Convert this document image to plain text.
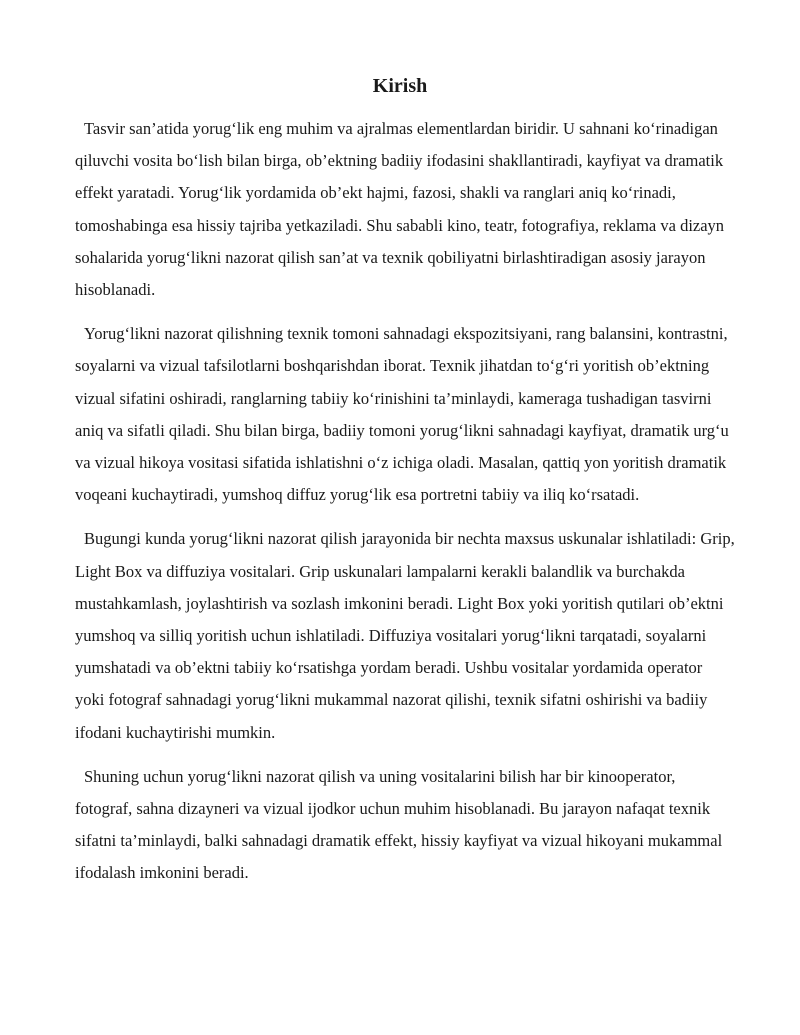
Kirish

Tasvir san’atida yorug‘lik eng muhim va ajralmas elementlardan biridir. U sahnani ko‘rinadigan qiluvchi vosita bo‘lish bilan birga, ob’ektning badiiy ifodasini shakllantiradi, kayfiyat va dramatik effekt yaratadi. Yorug‘lik yordamida ob’ekt hajmi, fazosi, shakli va ranglari aniq ko‘rinadi, tomoshabinga esa hissiy tajriba yetkaziladi. Shu sababli kino, teatr, fotografiya, reklama va dizayn sohalarida yorug‘likni nazorat qilish san’at va texnik qobiliyatni birlashtiradigan asosiy jarayon hisoblanadi.

Yorug‘likni nazorat qilishning texnik tomoni sahnadagi ekspozitsiyani, rang balansini, kontrastni, soyalarni va vizual tafsilotlarni boshqarishdan iborat. Texnik jihatdan to‘g‘ri yoritish ob’ektning vizual sifatini oshiradi, ranglarning tabiiy ko‘rinishini ta’minlaydi, kameraga tushadigan tasvirni aniq va sifatli qiladi. Shu bilan birga, badiiy tomoni yorug‘likni sahnadagi kayfiyat, dramatik urg‘u va vizual hikoya vositasi sifatida ishlatishni o‘z ichiga oladi. Masalan, qattiq yon yoritish dramatik voqeani kuchaytiradi, yumshoq diffuz yorug‘lik esa portretni tabiiy va iliq ko‘rsatadi.

Bugungi kunda yorug‘likni nazorat qilish jarayonida bir nechta maxsus uskunalar ishlatiladi: Grip, Light Box va diffuziya vositalari. Grip uskunalari lampalarni kerakli balandlik va burchakda mustahkamlash, joylashtirish va sozlash imkonini beradi. Light Box yoki yoritish qutilari ob’ektni yumshoq va silliq yoritish uchun ishlatiladi. Diffuziya vositalari yorug‘likni tarqatadi, soyalarni yumshatadi va ob’ektni tabiiy ko‘rsatishga yordam beradi. Ushbu vositalar yordamida operator yoki fotograf sahnadagi yorug‘likni mukammal nazorat qilishi, texnik sifatni oshirishi va badiiy ifodani kuchaytirishi mumkin.

Shuning uchun yorug‘likni nazorat qilish va uning vositalarini bilish har bir kinooperator, fotograf, sahna dizayneri va vizual ijodkor uchun muhim hisoblanadi. Bu jarayon nafaqat texnik sifatni ta’minlaydi, balki sahnadagi dramatik effekt, hissiy kayfiyat va vizual hikoyani mukammal ifodalash imkonini beradi.
